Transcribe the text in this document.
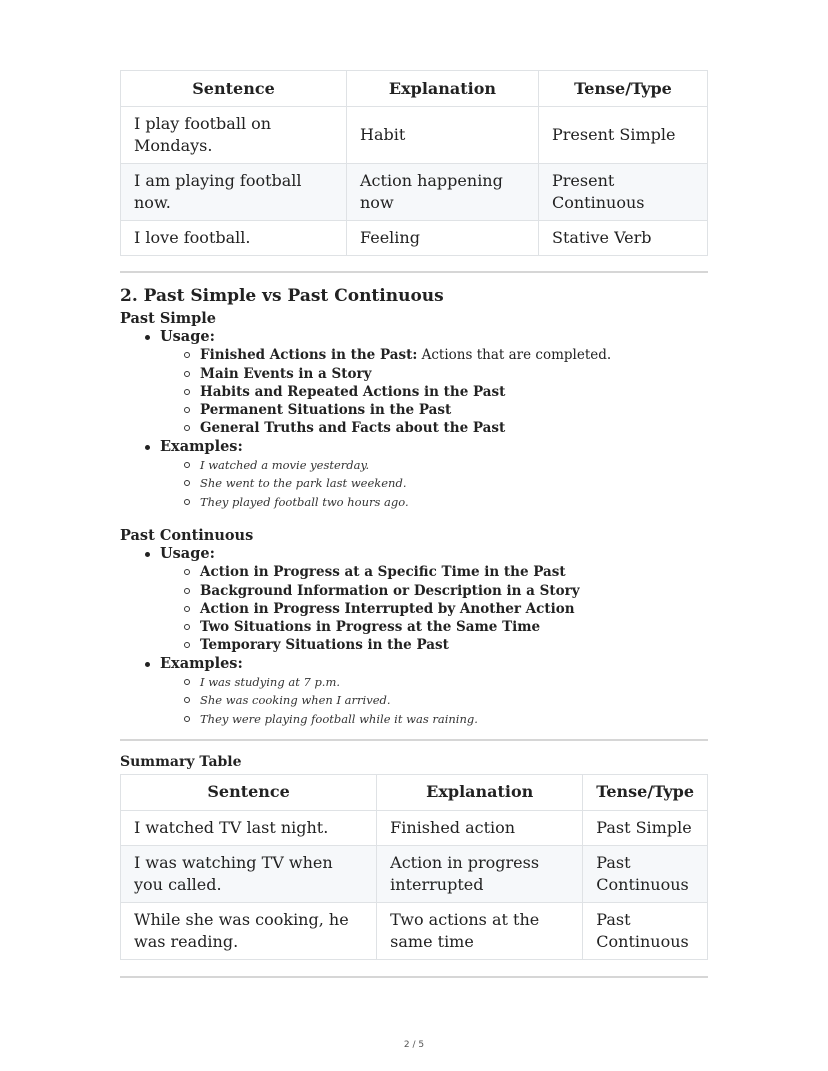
Sentence	Explanation	Tense/Type
I play football on Mondays.	Habit	Present Simple
I am playing football now.	Action happening now	Present Continuous
I love football.	Feeling	Stative Verb
2. Past Simple vs Past Continuous
Past Simple
Usage:
Finished Actions in the Past: Actions that are completed.
Main Events in a Story
Habits and Repeated Actions in the Past
Permanent Situations in the Past
General Truths and Facts about the Past
Examples:
I watched a movie yesterday.
She went to the park last weekend.
They played football two hours ago.
Past Continuous
Usage:
Action in Progress at a Specific Time in the Past
Background Information or Description in a Story
Action in Progress Interrupted by Another Action
Two Situations in Progress at the Same Time
Temporary Situations in the Past
Examples:
I was studying at 7 p.m.
She was cooking when I arrived.
They were playing football while it was raining.
Summary Table
Sentence	Explanation	Tense/Type
I watched TV last night.	Finished action	Past Simple
I was watching TV when you called.	Action in progress interrupted	Past Continuous
While she was cooking, he was reading.	Two actions at the same time	Past Continuous
2 / 5
